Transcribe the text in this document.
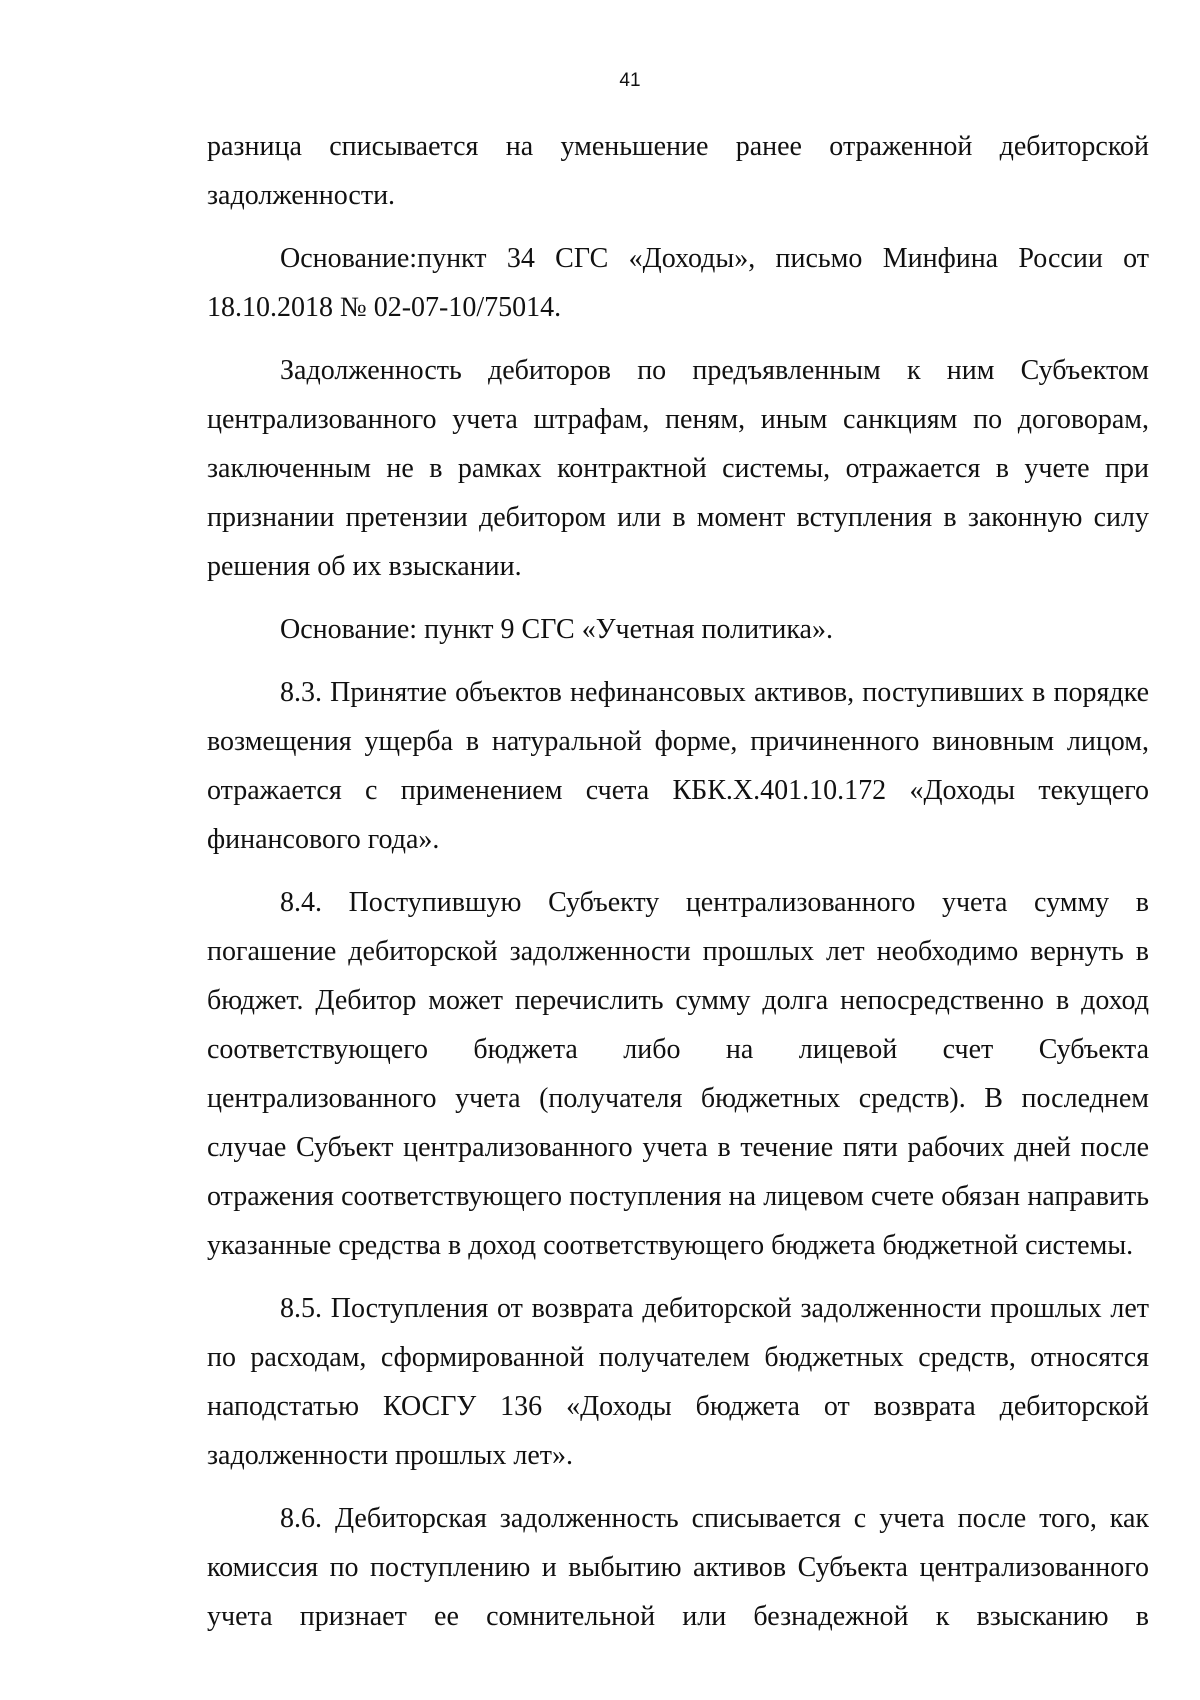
41

разница списывается на уменьшение ранее отраженной дебиторской задолженности.

Основание:пункт 34 СГС «Доходы», письмо Минфина России от 18.10.2018 № 02-07-10/75014.

Задолженность дебиторов по предъявленным к ним Субъектом централизованного учета штрафам, пеням, иным санкциям по договорам, заключенным не в рамках контрактной системы, отражается в учете при признании претензии дебитором или в момент вступления в законную силу решения об их взыскании.

Основание: пункт 9 СГС «Учетная политика».

8.3. Принятие объектов нефинансовых активов, поступивших в порядке возмещения ущерба в натуральной форме, причиненного виновным лицом, отражается с применением счета КБК.Х.401.10.172 «Доходы текущего финансового года».

8.4. Поступившую Субъекту централизованного учета сумму в погашение дебиторской задолженности прошлых лет необходимо вернуть в бюджет. Дебитор может перечислить сумму долга непосредственно в доход соответствующего бюджета либо на лицевой счет Субъекта централизованного учета (получателя бюджетных средств). В последнем случае Субъект централизованного учета в течение пяти рабочих дней после отражения соответствующего поступления на лицевом счете обязан направить указанные средства в доход соответствующего бюджета бюджетной системы.

8.5. Поступления от возврата дебиторской задолженности прошлых лет по расходам, сформированной получателем бюджетных средств, относятся наподстатью КОСГУ 136 «Доходы бюджета от возврата дебиторской задолженности прошлых лет».

8.6. Дебиторская задолженность списывается с учета после того, как комиссия по поступлению и выбытию активов Субъекта централизованного учета признает ее сомнительной или безнадежной к взысканию в
